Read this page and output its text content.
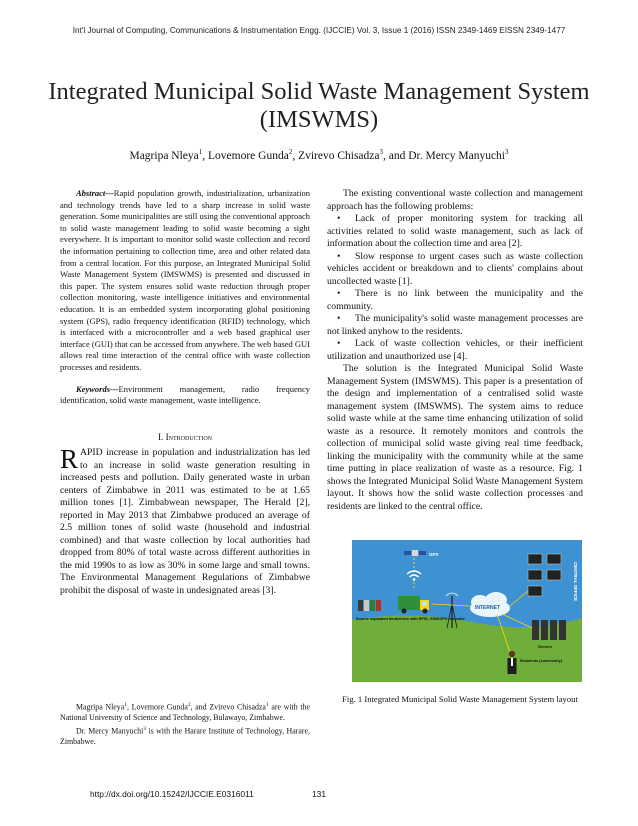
Int'l Journal of Computing, Communications & Instrumentation Engg. (IJCCIE) Vol. 3, Issue 1 (2016) ISSN 2349-1469 EISSN 2349-1477
Integrated Municipal Solid Waste Management System (IMSWMS)
Magripa Nleya$^1$, Lovemore Gunda$^2$, Zvirevo Chisadza$^3$, and Dr. Mercy Manyuchi$^3$

Abstract---Rapid population growth, industrialization, urbanization and technology trends have led to a sharp increase in solid waste generation. Some municipalities are still using the conventional approach to solid waste management leading to solid waste becoming a sight everywhere. It is important to monitor solid waste collection and record the information pertaining to collection time, area and other related data from a central location. For this purpose, an Integrated Municipal Solid Waste Management System (IMSWMS) is presented and discussed in this paper. The system ensures solid waste reduction through proper collection monitoring, waste intelligence initiatives and environmental education. It is an embedded system incorporating global positioning system (GPS), radio frequency identification (RFID) technology, which is interfaced with a microcontroller and a web based graphical user interface (GUI) that can be accessed from anywhere. The web based GUI allows real time interaction of the central office with waste collection processes and residents.

Keywords---Environment management, radio frequency identification, solid waste management, waste intelligence.

I. Introduction

RAPID increase in population and industrialization has led to an increase in solid waste generation resulting in increased pests and pollution. Daily generated waste in urban centers of Zimbabwe in 2011 was estimated to be at 1.65 million tones [1]. Zimbabwean newspaper, The Herald [2], reported in May 2013 that Zimbabwe produced an average of 2.5 million tones of solid waste (household and industrial combined) and that waste collection by local authorities had dropped from 80% of total waste across different authorities in the mid 1990s to as low as 30% in some large and small towns. The Environmental Management Regulations of Zimbabwe prohibit the disposal of waste in undesignated areas [3].

Magripa Nleya$^1$, Lovemore Gunda$^2$, and Zvirevo Chisadza$^1$ are with the National University of Science and Technology, Bulawayo, Zimbabwe.

Dr. Mercy Manyuchi$^3$ is with the Harare Institute of Technology, Harare, Zimbabwe.

The existing conventional waste collection and management approach has the following problems:

• Lack of proper monitoring system for tracking all activities related to solid waste management, such as lack of information about the collection time and area [2].
• Slow response to urgent cases such as waste collection vehicles accident or breakdown and to clients' complains about uncollected waste [1].
• There is no link between the municipality and the community.
• The municipality's solid waste management processes are not linked anyhow to the residents.
• Lack of waste collection vehicles, or their inefficient utilization and unauthorized use [4].

The solution is the Integrated Municipal Solid Waste Management System (IMSWMS). This paper is a presentation of the design and implementation of a centralised solid waste management system (IMSWMS). The system aims to reduce solid waste while at the same time enhancing utilization of solid waste as a resource. It remotely monitors and controls the collection of municipal solid waste giving real time feedback, linking the municipality with the community while at the same time putting in place realization of waste as a resource. Fig. 1 shows the Integrated Municipal Solid Waste Management System layout. It shows how the solid waste collection processes and residents are linked to the central office.

GPS
Source separated bins Vehicle with RFID, GSM/GPS mounted
INTERNET
CENTRAL OFFICE
Servers
Residents (community)
Fig. 1 Integrated Municipal Solid Waste Management System layout
http://dx.doi.org/10.15242/IJCCIE.E0316011	131
